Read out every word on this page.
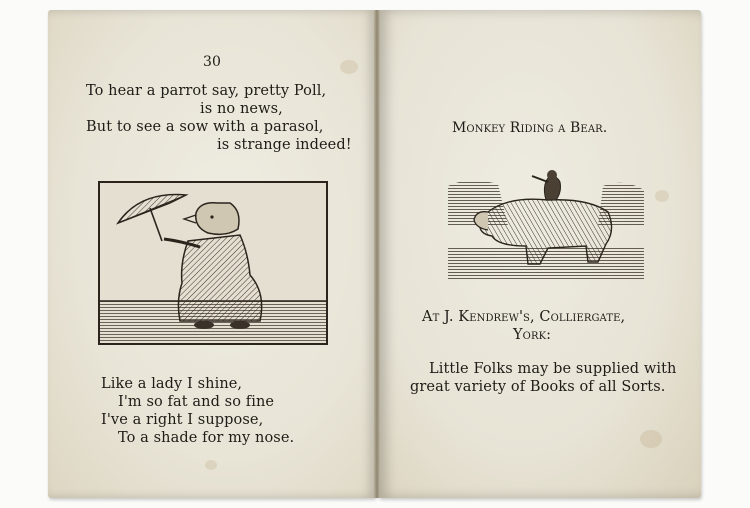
30
To hear a parrot say, pretty Poll,
is no news,
But to see a sow with a parasol,
is strange indeed!
Like a lady I shine,
I'm so fat and so fine
I've a right I suppose,
To a shade for my nose.
Monkey Riding a Bear.
At J. Kendrew's, Colliergate,
York:
Little Folks may be supplied with
great variety of Books of all Sorts.
